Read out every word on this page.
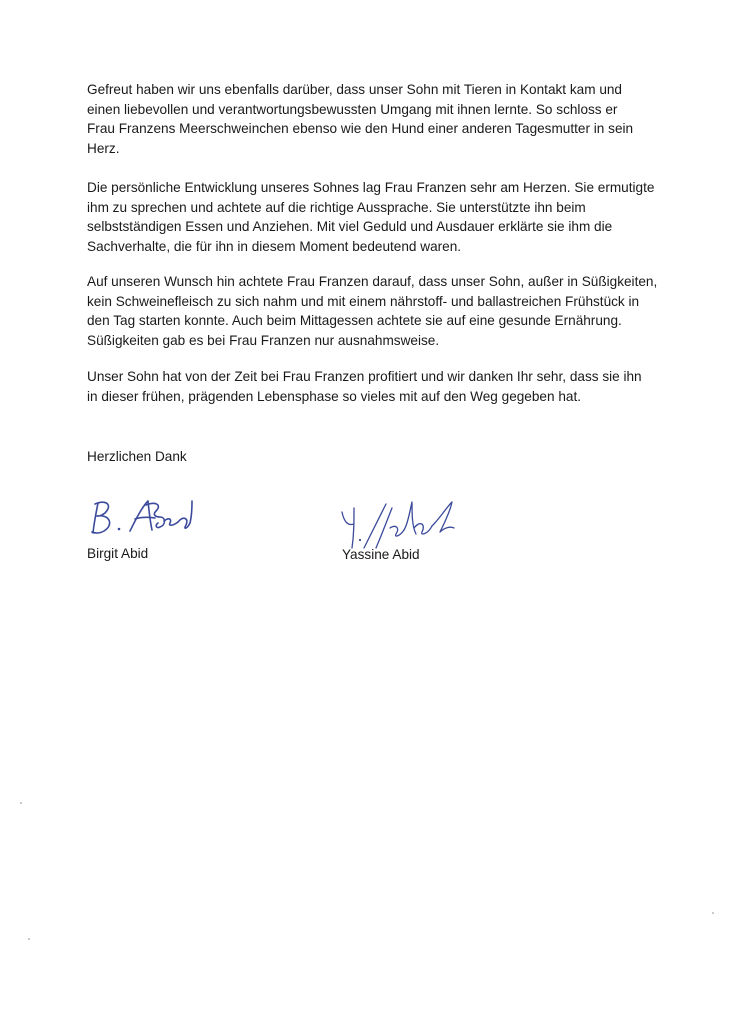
Gefreut haben wir uns ebenfalls darüber, dass unser Sohn mit Tieren in Kontakt kam und
einen liebevollen und verantwortungsbewussten Umgang mit ihnen lernte. So schloss er
Frau Franzens Meerschweinchen ebenso wie den Hund einer anderen Tagesmutter in sein
Herz.

Die persönliche Entwicklung unseres Sohnes lag Frau Franzen sehr am Herzen. Sie ermutigte
ihm zu sprechen und achtete auf die richtige Aussprache. Sie unterstützte ihn beim
selbstständigen Essen und Anziehen. Mit viel Geduld und Ausdauer erklärte sie ihm die
Sachverhalte, die für ihn in diesem Moment bedeutend waren.

Auf unseren Wunsch hin achtete Frau Franzen darauf, dass unser Sohn, außer in Süßigkeiten,
kein Schweinefleisch zu sich nahm und mit einem nährstoff- und ballastreichen Frühstück in
den Tag starten konnte. Auch beim Mittagessen achtete sie auf eine gesunde Ernährung.
Süßigkeiten gab es bei Frau Franzen nur ausnahmsweise.

Unser Sohn hat von der Zeit bei Frau Franzen profitiert und wir danken Ihr sehr, dass sie ihn
in dieser frühen, prägenden Lebensphase so vieles mit auf den Weg gegeben hat.

Herzlichen Dank

Birgit Abid	Yassine Abid
